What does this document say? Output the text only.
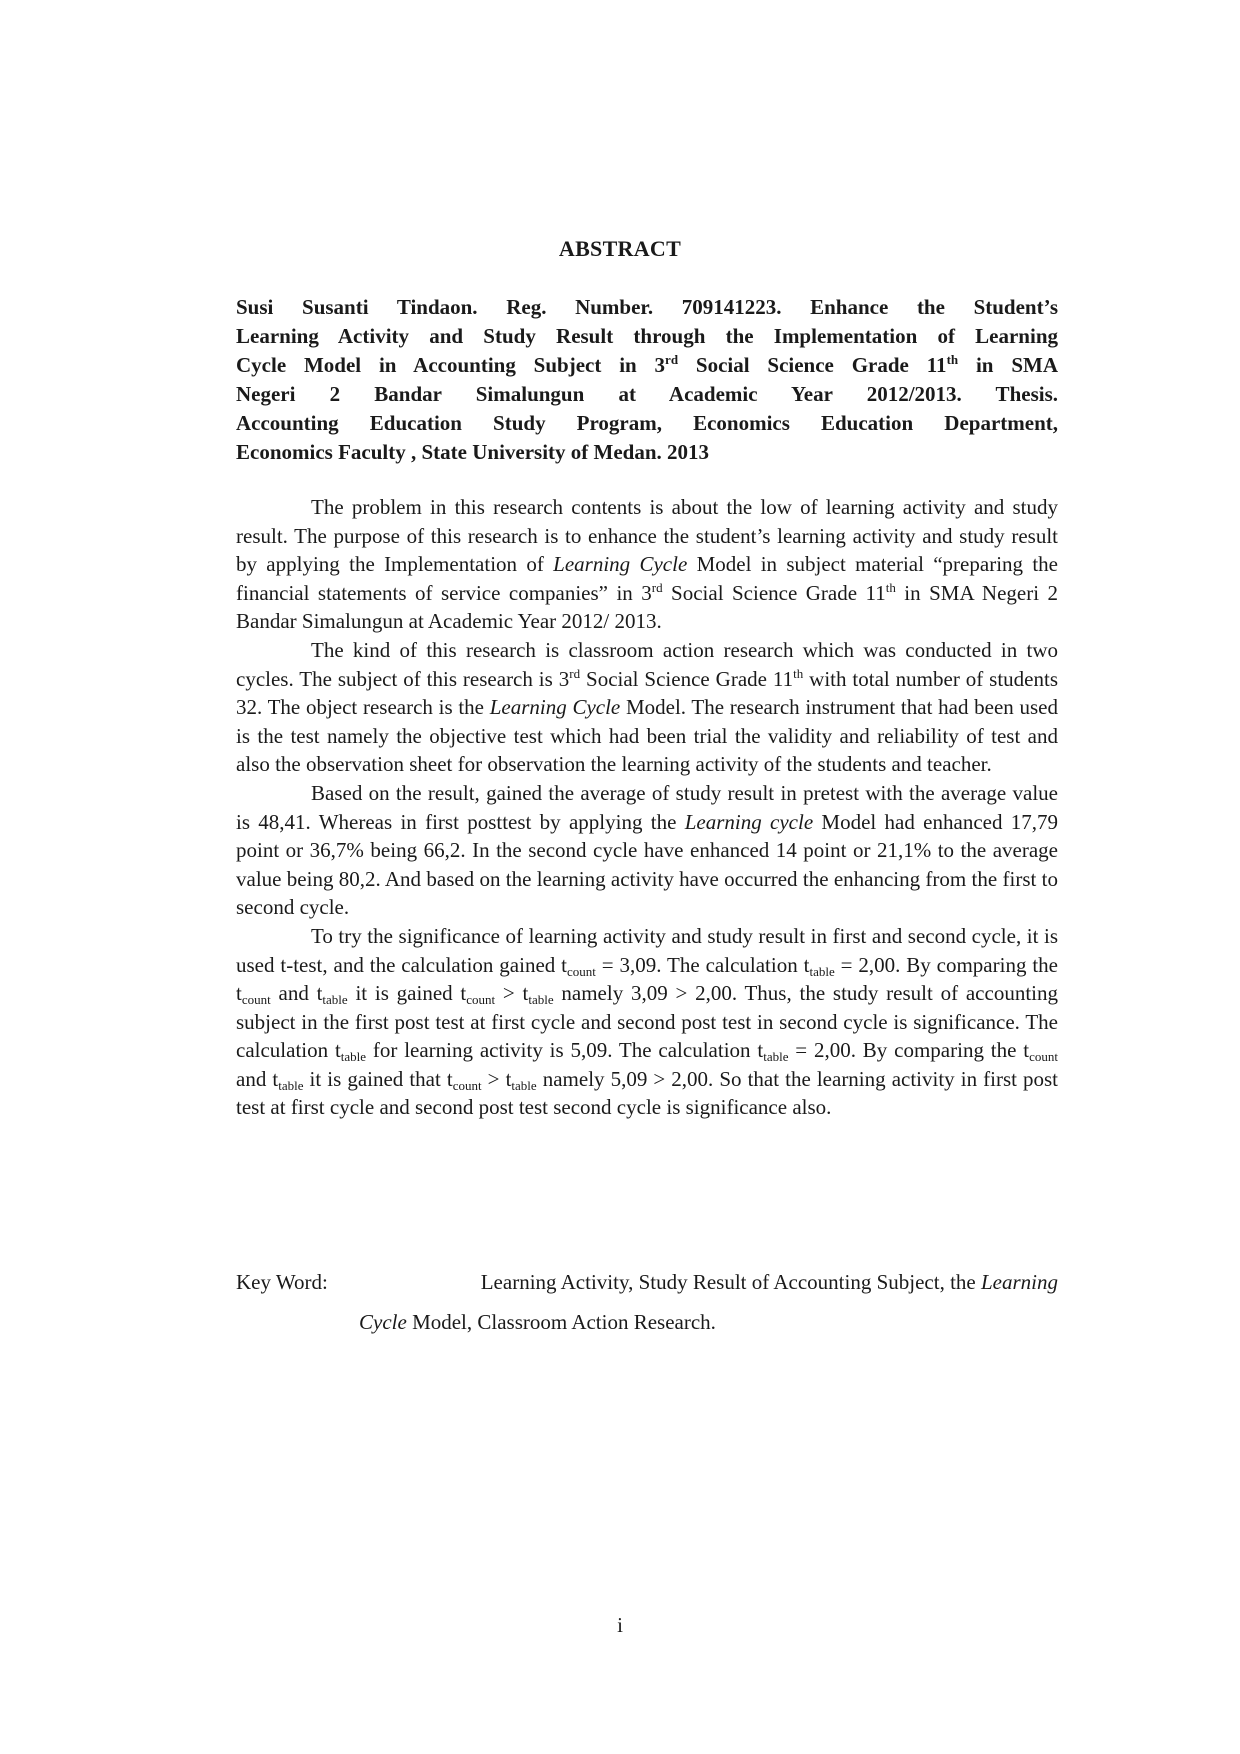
ABSTRACT
Susi Susanti Tindaon. Reg. Number. 709141223. Enhance the Student’s
Learning Activity and Study Result through the Implementation of Learning
Cycle Model in Accounting Subject in 3rd Social Science Grade 11th in SMA
Negeri 2 Bandar Simalungun at Academic Year 2012/2013. Thesis.
Accounting Education Study Program, Economics Education Department,
Economics Faculty , State University of Medan. 2013

The problem in this research contents is about the low of learning activity and study result. The purpose of this research is to enhance the student’s learning activity and study result by applying the Implementation of Learning Cycle Model in subject material “preparing the financial statements of service companies” in 3rd Social Science Grade 11th in SMA Negeri 2 Bandar Simalungun at Academic Year 2012/ 2013.

The kind of this research is classroom action research which was conducted in two cycles. The subject of this research is 3rd Social Science Grade 11th with total number of students 32. The object research is the Learning Cycle Model. The research instrument that had been used is the test namely the objective test which had been trial the validity and reliability of test and also the observation sheet for observation the learning activity of the students and teacher.

Based on the result, gained the average of study result in pretest with the average value is 48,41. Whereas in first posttest by applying the Learning cycle Model had enhanced 17,79 point or 36,7% being 66,2. In the second cycle have enhanced 14 point or 21,1% to the average value being 80,2. And based on the learning activity have occurred the enhancing from the first to second cycle.

To try the significance of learning activity and study result in first and second cycle, it is used t-test, and the calculation gained $t_{count} = 3,09$. The calculation $t_{table} = 2,00$. By comparing the $t_{count}$ and $t_{table}$ it is gained $t_{count} > t_{table}$ namely 3,09 > 2,00. Thus, the study result of accounting subject in the first post test at first cycle and second post test in second cycle is significance. The calculation $t_{table}$ for learning activity is 5,09. The calculation $t_{table} = 2,00$. By comparing the $t_{count}$ and $t_{table}$ it is gained that $t_{count} > t_{table}$ namely 5,09 > 2,00. So that the learning activity in first post test at first cycle and second post test second cycle is significance also.

Key Word:	Learning Activity, Study Result of Accounting Subject, the Learning
Cycle Model, Classroom Action Research.
i
